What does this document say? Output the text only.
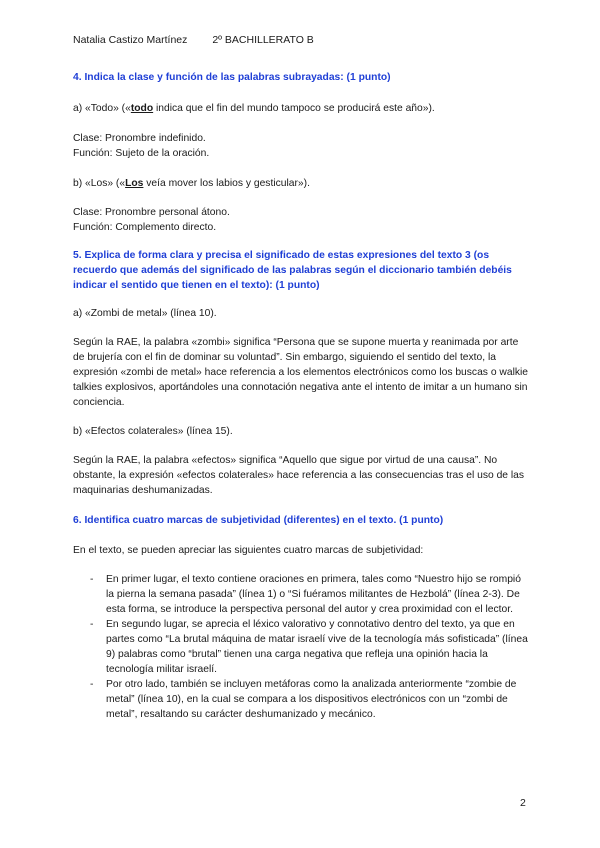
Natalia Castizo Martínez 2º BACHILLERATO B

4. Indica la clase y función de las palabras subrayadas: (1 punto)

a) «Todo» («todo indica que el fin del mundo tampoco se producirá este año»).

Clase: Pronombre indefinido.

Función: Sujeto de la oración.

b) «Los» («Los veía mover los labios y gesticular»).

Clase: Pronombre personal átono.

Función: Complemento directo.

5. Explica de forma clara y precisa el significado de estas expresiones del texto 3 (os recuerdo que además del significado de las palabras según el diccionario también debéis indicar el sentido que tienen en el texto): (1 punto)

a) «Zombi de metal» (línea 10).

Según la RAE, la palabra «zombi» significa “Persona que se supone muerta y reanimada por arte de brujería con el fin de dominar su voluntad”. Sin embargo, siguiendo el sentido del texto, la expresión «zombi de metal» hace referencia a los elementos electrónicos como los buscas o walkie talkies explosivos, aportándoles una connotación negativa ante el intento de imitar a un humano sin conciencia.

b) «Efectos colaterales» (línea 15).

Según la RAE, la palabra «efectos» significa “Aquello que sigue por virtud de una causa”. No obstante, la expresión «efectos colaterales» hace referencia a las consecuencias tras el uso de las maquinarias deshumanizadas.

6. Identifica cuatro marcas de subjetividad (diferentes) en el texto. (1 punto)

En el texto, se pueden apreciar las siguientes cuatro marcas de subjetividad:

- En primer lugar, el texto contiene oraciones en primera, tales como “Nuestro hijo se rompió la pierna la semana pasada” (línea 1) o “Si fuéramos militantes de Hezbolá” (línea 2-3). De esta forma, se introduce la perspectiva personal del autor y crea proximidad con el lector.
- En segundo lugar, se aprecia el léxico valorativo y connotativo dentro del texto, ya que en partes como “La brutal máquina de matar israelí vive de la tecnología más sofisticada” (línea 9) palabras como “brutal” tienen una carga negativa que refleja una opinión hacia la tecnología militar israelí.
- Por otro lado, también se incluyen metáforas como la analizada anteriormente “zombie de metal” (línea 10), en la cual se compara a los dispositivos electrónicos con un “zombi de metal”, resaltando su carácter deshumanizado y mecánico.
2
